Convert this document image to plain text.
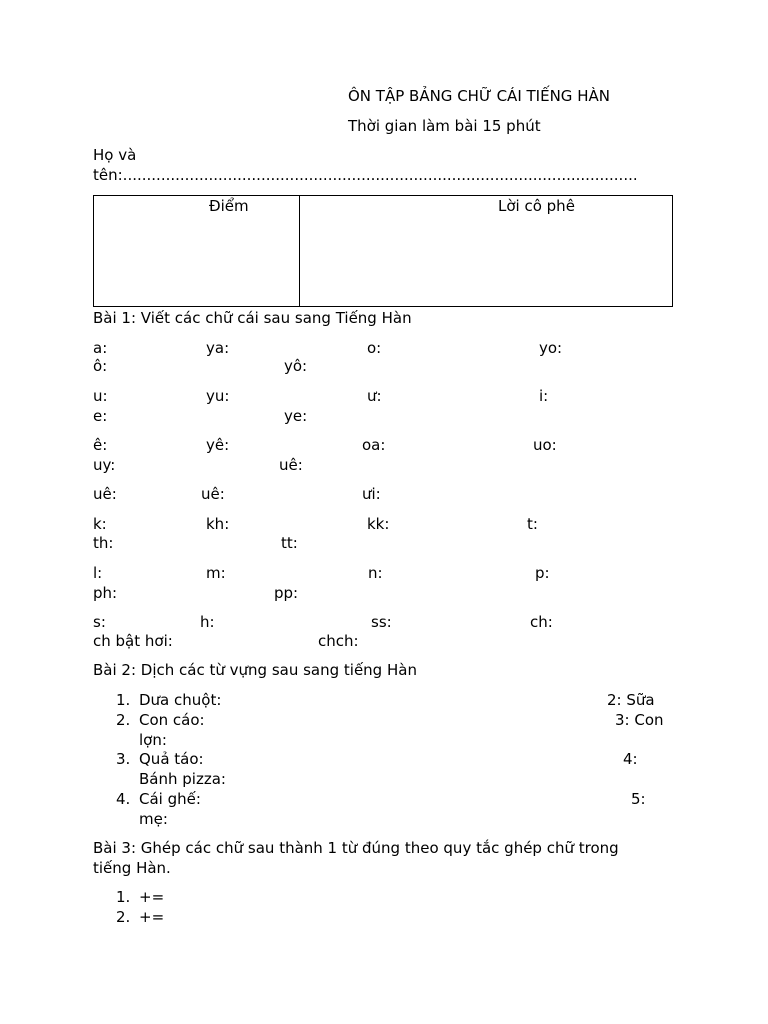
ÔN TẬP BẢNG CHỮ CÁI TIẾNG HÀN
Thời gian làm bài 15 phút
Họ và
tên:............................................................................................................
Điểm	Lời cô phê
Bài 1: Viết các chữ cái sau sang Tiếng Hàn
a:	ya:	o:	yo:
ô:	yô:
u:	yu:	ư:	i:
e:	ye:
ê:	yê:	oa:	uo:
uy:	uê:
uê:	uê:	ưi:
k:	kh:	kk:	t:
th:	tt:
l:	m:	n:	p:
ph:	pp:
s:	h:	ss:	ch:
ch bật hơi:	chch:
Bài 2: Dịch các từ vựng sau sang tiếng Hàn
1. Dưa chuột:	2: Sữa
2. Con cáo:	3: Con
lợn:
3. Quả táo:	4:
Bánh pizza:
4. Cái ghế:	5:
mẹ:
Bài 3: Ghép các chữ sau thành 1 từ đúng theo quy tắc ghép chữ trong
tiếng Hàn.
1. +=
2. +=
